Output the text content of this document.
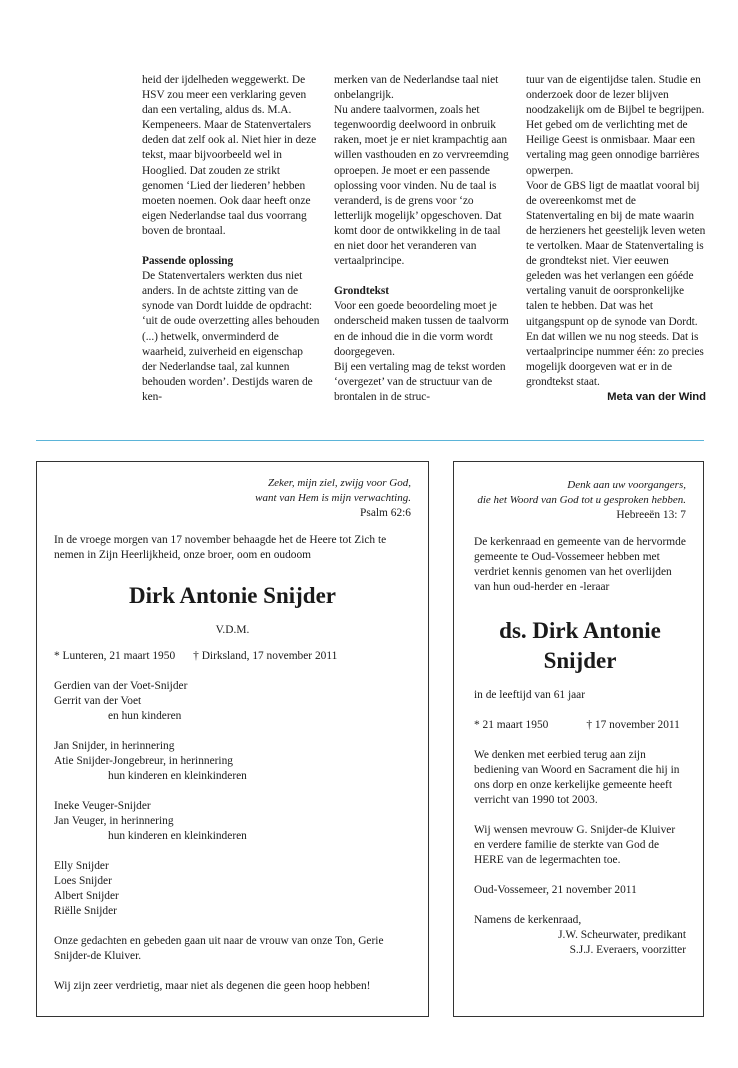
heid der ijdelheden weggewerkt. De HSV zou meer een verklaring geven dan een vertaling, aldus ds. M.A. Kempeneers. Maar de Statenvertalers deden dat zelf ook al. Niet hier in deze tekst, maar bijvoorbeeld wel in Hooglied. Dat zouden ze strikt genomen ‘Lied der liederen’ hebben moeten noemen. Ook daar heeft onze eigen Nederlandse taal dus voorrang boven de brontaal.

Passende oplossing

De Statenvertalers werkten dus niet anders. In de achtste zitting van de synode van Dordt luidde de opdracht: ‘uit de oude overzetting alles behouden (...) hetwelk, onverminderd de waarheid, zuiverheid en eigenschap der Nederlandse taal, zal kunnen behouden worden’. Destijds waren de ken-

merken van de Nederlandse taal niet onbelangrijk.

Nu andere taalvormen, zoals het tegenwoordig deelwoord in onbruik raken, moet je er niet krampachtig aan willen vasthouden en zo vervreemding oproepen. Je moet er een passende oplossing voor vinden. Nu de taal is veranderd, is de grens voor ‘zo letterlijk mogelijk’ opgeschoven. Dat komt door de ontwikkeling in de taal en niet door het veranderen van vertaalprincipe.

Grondtekst

Voor een goede beoordeling moet je onderscheid maken tussen de taalvorm en de inhoud die in die vorm wordt doorgegeven.

Bij een vertaling mag de tekst worden ‘overgezet’ van de structuur van de brontalen in de struc-

tuur van de eigentijdse talen. Studie en onderzoek door de lezer blijven noodzakelijk om de Bijbel te begrijpen. Het gebed om de verlichting met de Heilige Geest is onmisbaar. Maar een vertaling mag geen onnodige barrières opwerpen.

Voor de GBS ligt de maatlat vooral bij de overeenkomst met de Statenvertaling en bij de mate waarin de herzieners het geestelijk leven weten te vertolken. Maar de Statenvertaling is de grondtekst niet. Vier eeuwen geleden was het verlangen een góéde vertaling vanuit de oorspronkelijke talen te hebben. Dat was het uitgangspunt op de synode van Dordt. En dat willen we nu nog steeds. Dat is vertaalprincipe nummer één: zo precies mogelijk doorgeven wat er in de grondtekst staat.

Meta van der Wind

Zeker, mijn ziel, zwijg voor God,

want van Hem is mijn verwachting.

Psalm 62:6

In de vroege morgen van 17 november behaagde het de Heere tot Zich te nemen in Zijn Heerlijkheid, onze broer, oom en oudoom

Dirk Antonie Snijder

V.D.M.

* Lunteren, 21 maart 1950 † Dirksland, 17 november 2011

Gerdien van der Voet-Snijder

Gerrit van der Voet

en hun kinderen

Jan Snijder, in herinnering

Atie Snijder-Jongebreur, in herinnering

hun kinderen en kleinkinderen

Ineke Veuger-Snijder

Jan Veuger, in herinnering

hun kinderen en kleinkinderen

Elly Snijder

Loes Snijder

Albert Snijder

Riëlle Snijder

Onze gedachten en gebeden gaan uit naar de vrouw van onze Ton, Gerie Snijder-de Kluiver.

Wij zijn zeer verdrietig, maar niet als degenen die geen hoop hebben!

Denk aan uw voorgangers,

die het Woord van God tot u gesproken hebben.

Hebreeën 13: 7

De kerkenraad en gemeente van de hervormde gemeente te Oud-Vossemeer hebben met verdriet kennis genomen van het overlijden van hun oud-herder en -leraar

ds. Dirk Antonie

Snijder

in de leeftijd van 61 jaar

* 21 maart 1950	† 17 november 2011

We denken met eerbied terug aan zijn bediening van Woord en Sacrament die hij in ons dorp en onze kerkelijke gemeente heeft verricht van 1990 tot 2003.

Wij wensen mevrouw G. Snijder-de Kluiver en verdere familie de sterkte van God de HERE van de legermachten toe.

Oud-Vossemeer, 21 november 2011

Namens de kerkenraad,

J.W. Scheurwater, predikant

S.J.J. Everaers, voorzitter
